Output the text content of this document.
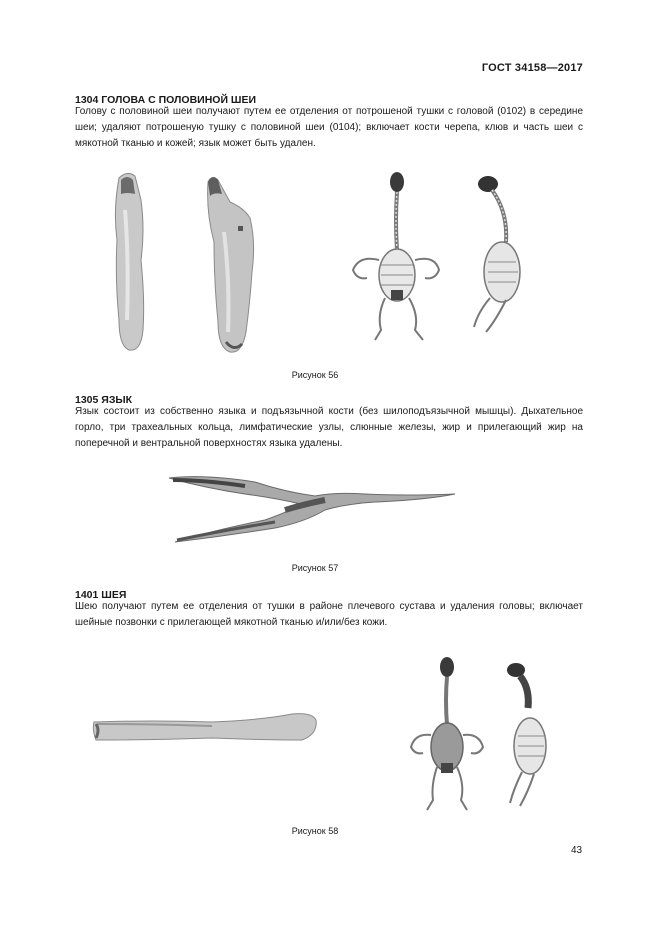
ГОСТ 34158—2017
1304 ГОЛОВА С ПОЛОВИНОЙ ШЕИ
Голову с половиной шеи получают путем ее отделения от потрошеной тушки с головой (0102) в середине шеи; удаляют потрошеную тушку с половиной шеи (0104); включает кости черепа, клюв и часть шеи с мякотной тканью и кожей; язык может быть удален.
Рисунок 56
1305 ЯЗЫК
Язык состоит из собственно языка и подъязычной кости (без шилоподъязычной мышцы). Дыхательное горло, три трахеальных кольца, лимфатические узлы, слюнные железы, жир и прилегающий жир на поперечной и вентральной поверхностях языка удалены.
Рисунок 57
1401 ШЕЯ
Шею получают путем ее отделения от тушки в районе плечевого сустава и удаления головы; включает шейные позвонки с прилегающей мякотной тканью и/или/без кожи.
Рисунок 58
43
